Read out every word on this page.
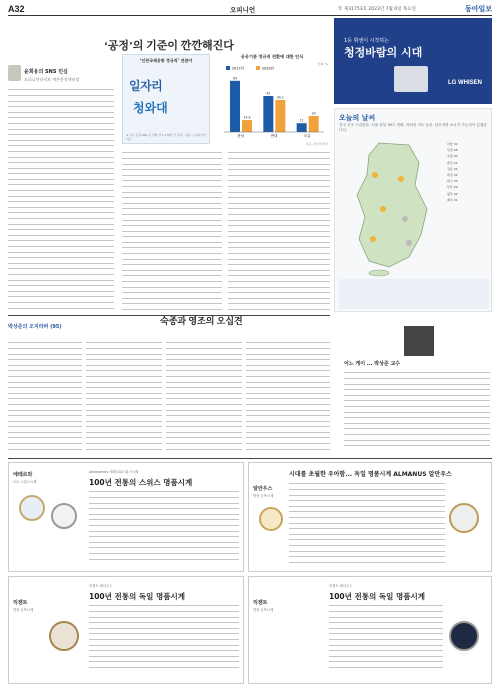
A32	오피니언	年 제31753호 2023년 7월 6일 목요일	동아일보
‘공정’의 기준이 깐깐해진다
윤희웅의 SNS 민심
오피니언라이브 여론분석센터장
‘인천국제공항 정규직’ 연관어
일자리
청와대
※ 주요 포털·SNS 등 전체 약 1,178만 건 분석 · 자료: 오피니언라이브
공공기관 정규직 전환에 대한 인식
단위: %
64
14.9
찬성
45
40.1
반대
11
20
모름
2017년	2020년
자료: 한국리서치
1등 휘센이 시작하는
청정바람의 시대
LG WHISEN
오늘의 날씨
전국 곳곳 구름많음. 서울 한낮 30도 안팎, 자외선 지수 높음. 남부지방 소나기 가능성이 있겠습니다.
서울 30
인천 28
수원 30
춘천 31
강릉 29
대전 32
대구 33
부산 29
광주 32
제주 31
박상준의 오지라퍼 (95)
숙종과 영조의 오십견
어느 게이 ... 박상준 교수
100년 전통의 스위스 명품시계
Aeronomics 에테르와스위스시계
에테르와
오토 스위스시계
시대를 초월한 우아함... 독일 명품시계 ALMANUS 알만우스
알만우스
명품 손목시계
리젠트 필리우스
100년 전통의 독일 명품시계
리젠트
명품 손목시계
리젠트 필리우스
100년 전통의 독일 명품시계
리젠트
명품 손목시계
